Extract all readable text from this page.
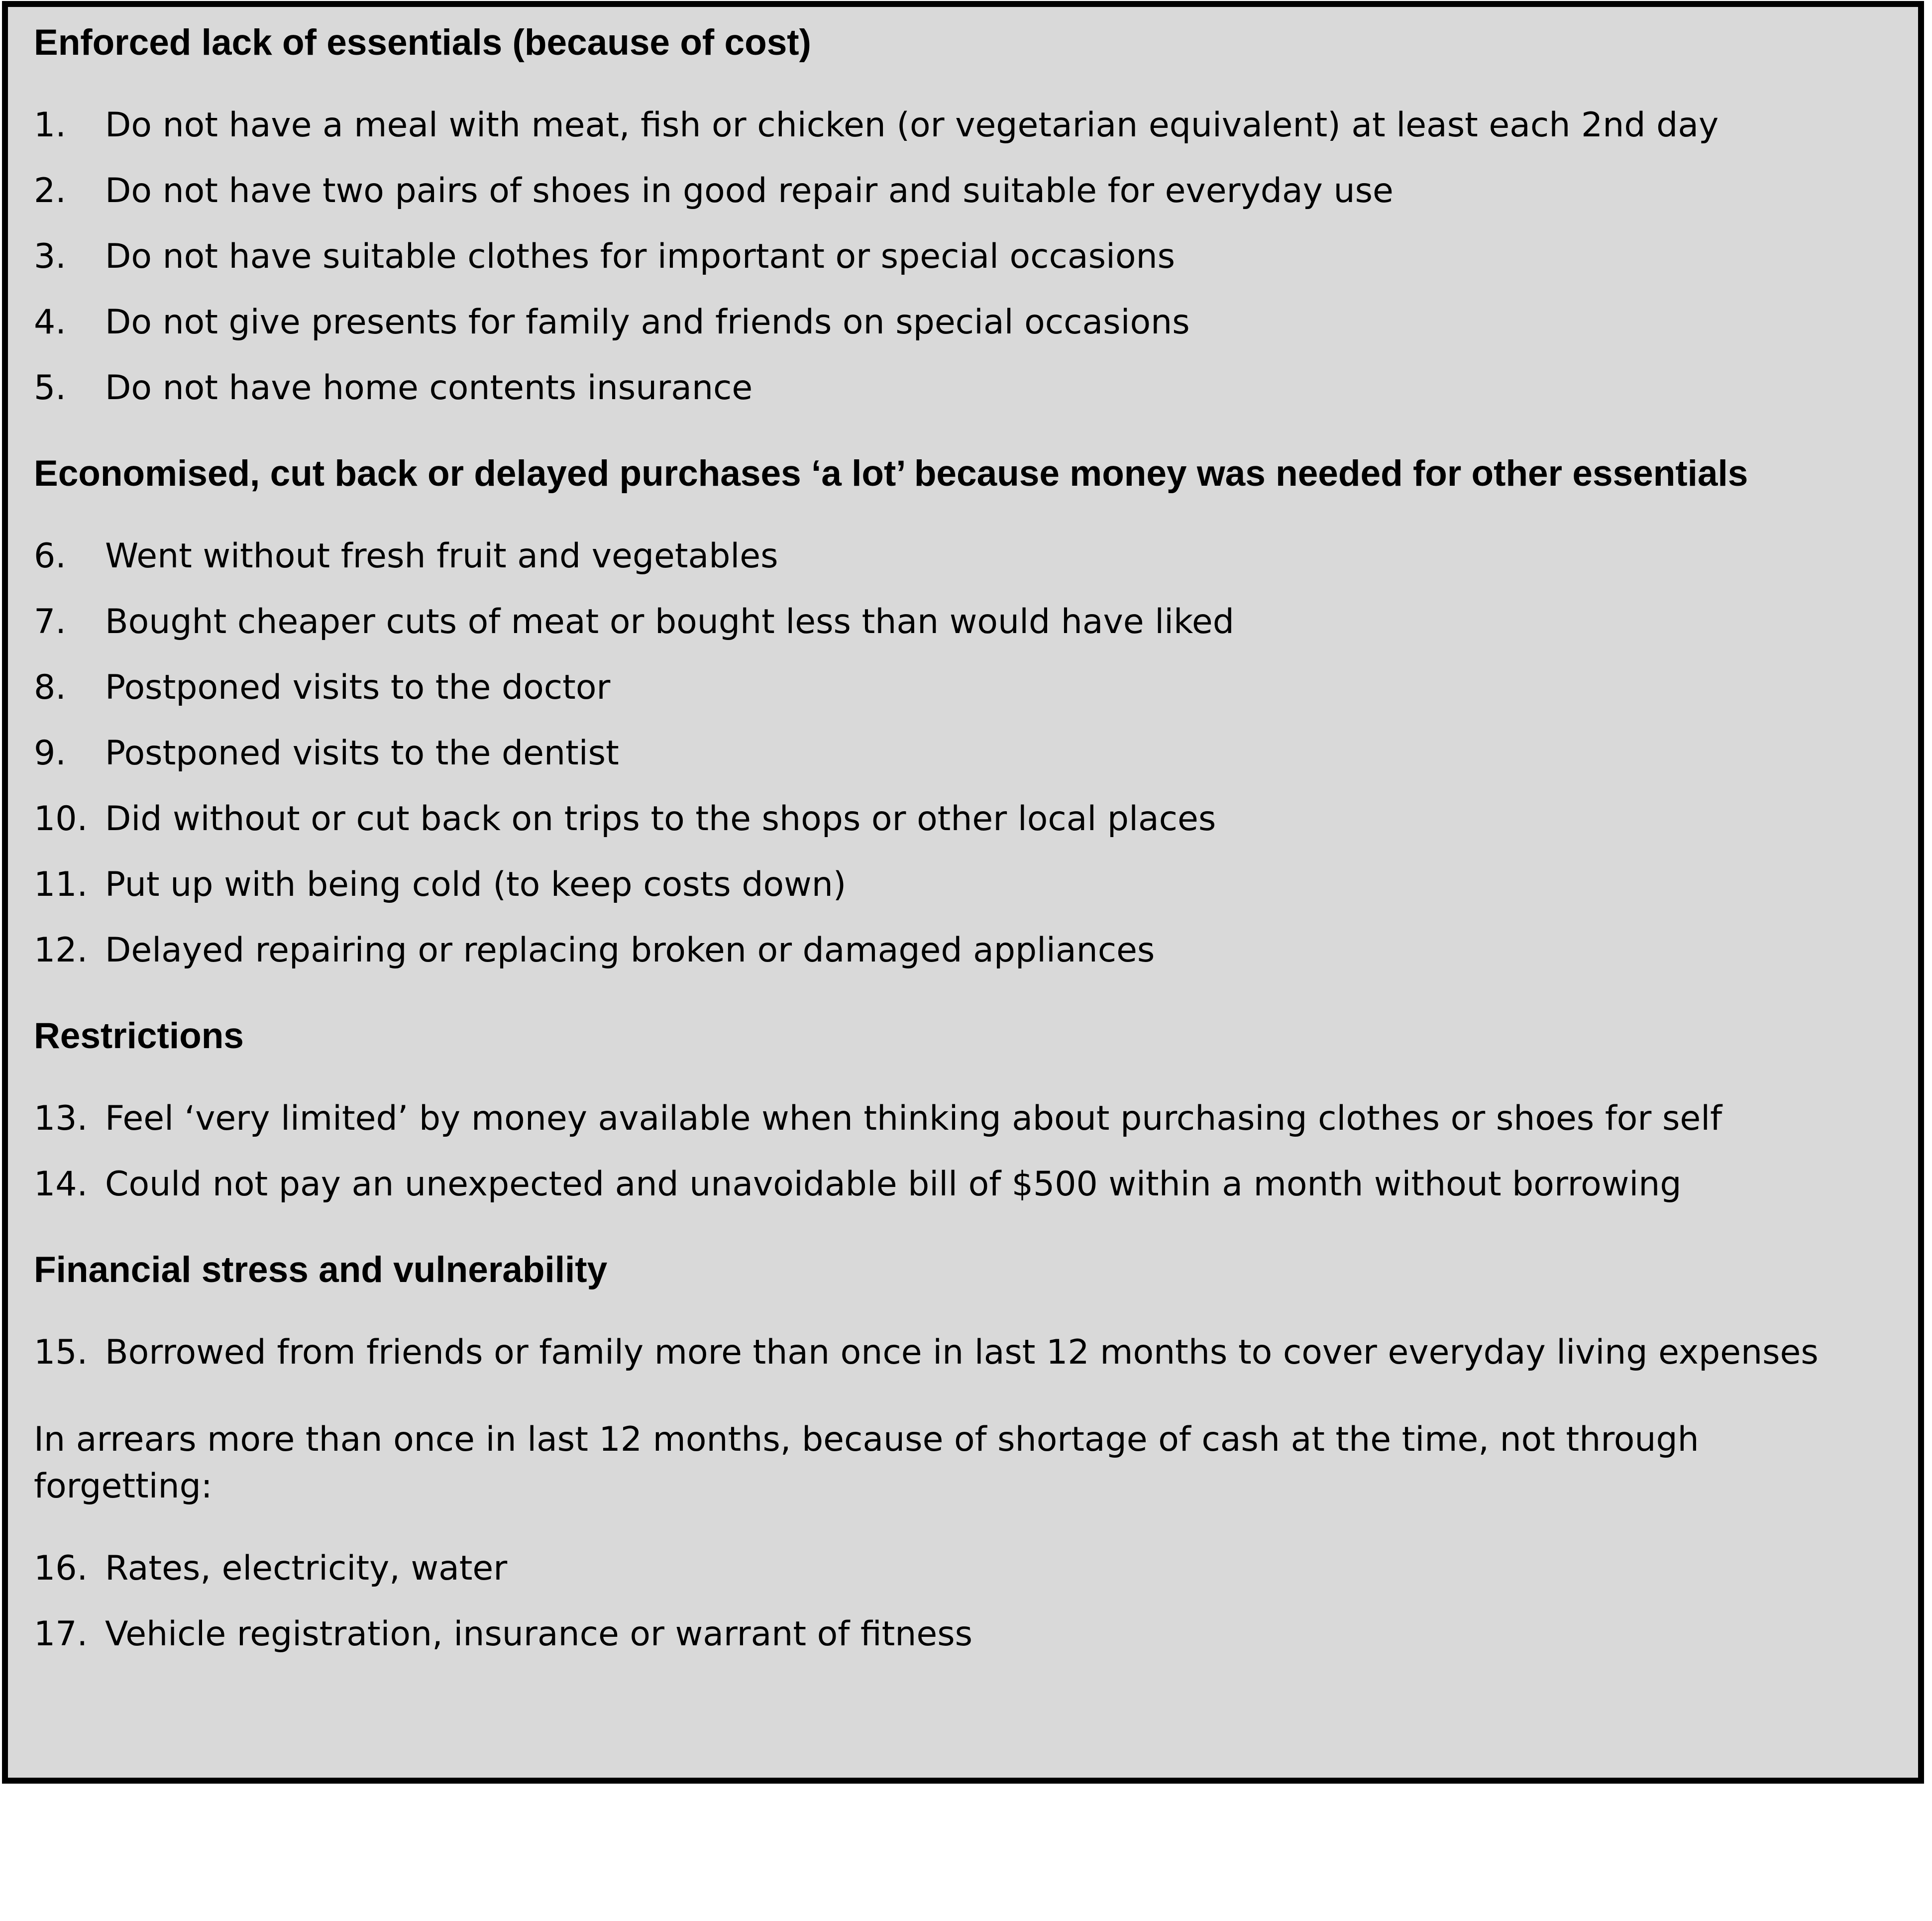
Enforced lack of essentials (because of cost)
1.	Do not have a meal with meat, fish or chicken (or vegetarian equivalent) at least each 2nd day
2.	Do not have two pairs of shoes in good repair and suitable for everyday use
3.	Do not have suitable clothes for important or special occasions
4.	Do not give presents for family and friends on special occasions
5.	Do not have home contents insurance
Economised, cut back or delayed purchases ‘a lot’ because money was needed for other essentials
6.	Went without fresh fruit and vegetables
7.	Bought cheaper cuts of meat or bought less than would have liked
8.	Postponed visits to the doctor
9.	Postponed visits to the dentist
10. Did without or cut back on trips to the shops or other local places
11. Put up with being cold (to keep costs down)
12. Delayed repairing or replacing broken or damaged appliances
Restrictions
13. Feel ‘very limited’ by money available when thinking about purchasing clothes or shoes for self
14. Could not pay an unexpected and unavoidable bill of $500 within a month without borrowing
Financial stress and vulnerability
15. Borrowed from friends or family more than once in last 12 months to cover everyday living expenses

In arrears more than once in last 12 months, because of shortage of cash at the time, not through forgetting:

16. Rates, electricity, water
17. Vehicle registration, insurance or warrant of fitness
